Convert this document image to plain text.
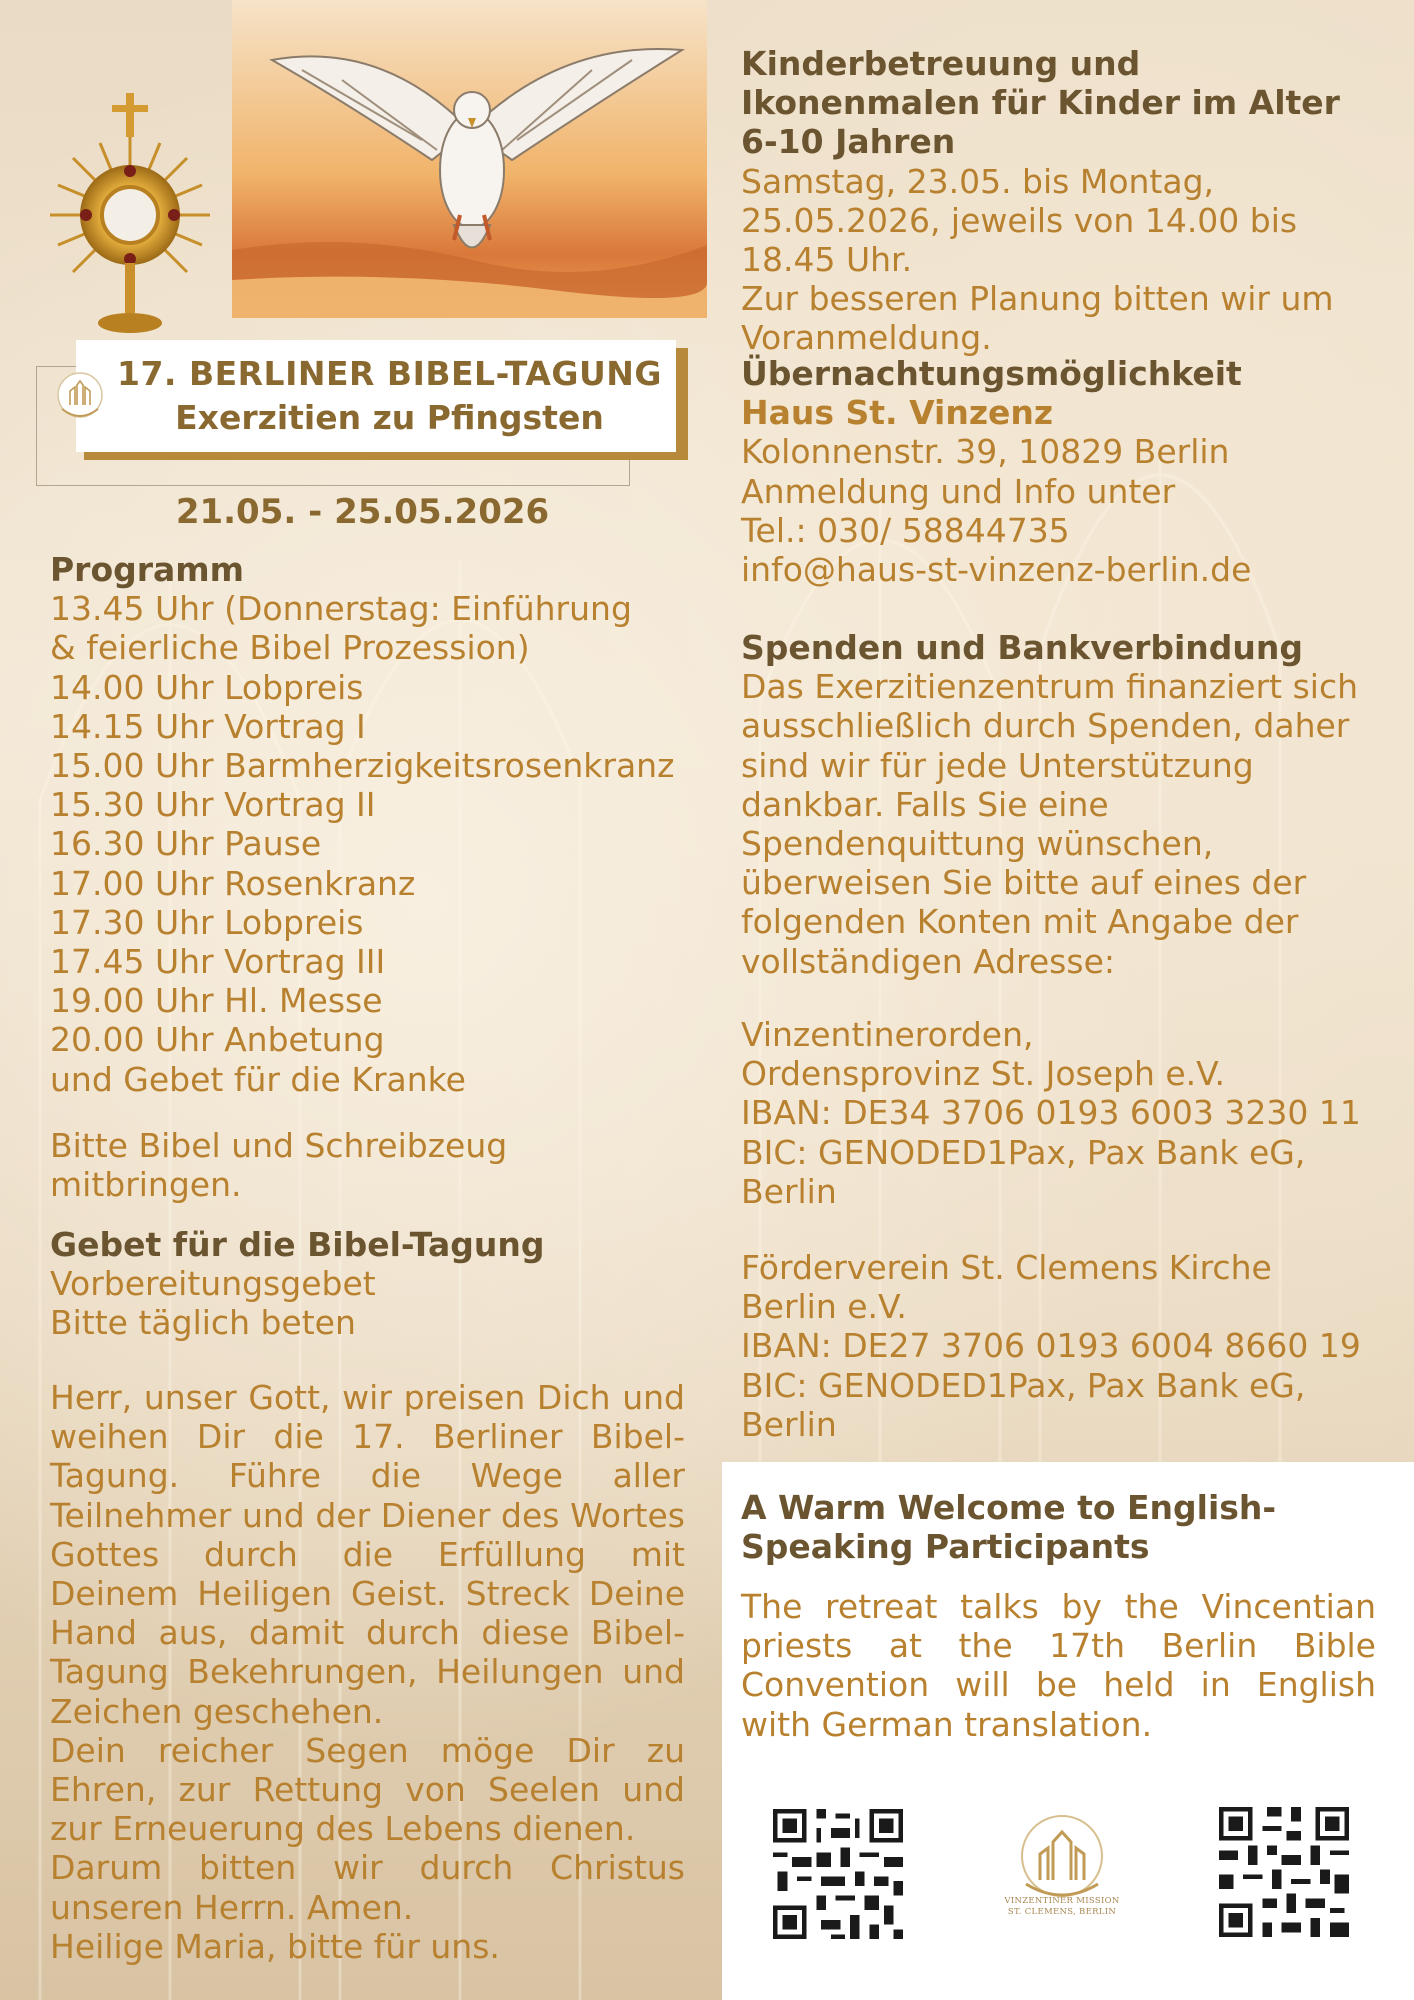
17. BERLINER BIBEL-TAGUNG
Exerzitien zu Pfingsten
21.05. - 25.05.2026
Programm
13.45 Uhr (Donnerstag: Einführung
& feierliche Bibel Prozession)
14.00 Uhr Lobpreis
14.15 Uhr Vortrag I
15.00 Uhr Barmherzigkeitsrosenkranz
15.30 Uhr Vortrag II
16.30 Uhr Pause
17.00 Uhr Rosenkranz
17.30 Uhr Lobpreis
17.45 Uhr Vortrag III
19.00 Uhr Hl. Messe
20.00 Uhr Anbetung
und Gebet für die Kranke
Bitte Bibel und Schreibzeug mitbringen.
Gebet für die Bibel-Tagung
Vorbereitungsgebet
Bitte täglich beten
Herr, unser Gott, wir preisen Dich und weihen Dir die 17. Berliner Bibel-Tagung. Führe die Wege aller Teilnehmer und der Diener des Wortes Gottes durch die Erfüllung mit Deinem Heiligen Geist. Streck Deine Hand aus, damit durch diese Bibel-Tagung Bekehrungen, Heilungen und Zeichen geschehen.
Dein reicher Segen möge Dir zu Ehren, zur Rettung von Seelen und zur Erneuerung des Lebens dienen.
Darum bitten wir durch Christus unseren Herrn. Amen.
Heilige Maria, bitte für uns.
Kinderbetreuung und Ikonenmalen für Kinder im Alter 6-10 Jahren
Samstag, 23.05. bis Montag, 25.05.2026, jeweils von 14.00 bis 18.45 Uhr.
Zur besseren Planung bitten wir um Voranmeldung.
Übernachtungsmöglichkeit
Haus St. Vinzenz
Kolonnenstr. 39, 10829 Berlin
Anmeldung und Info unter
Tel.: 030/ 58844735
info@haus-st-vinzenz-berlin.de
Spenden und Bankverbindung
Das Exerzitienzentrum finanziert sich ausschließlich durch Spenden, daher sind wir für jede Unterstützung dankbar. Falls Sie eine Spendenquittung wünschen, überweisen Sie bitte auf eines der folgenden Konten mit Angabe der vollständigen Adresse:
Vinzentinerorden,
Ordensprovinz St. Joseph e.V.
IBAN: DE34 3706 0193 6003 3230 11
BIC: GENODED1Pax, Pax Bank eG, Berlin
Förderverein St. Clemens Kirche Berlin e.V.
IBAN: DE27 3706 0193 6004 8660 19
BIC: GENODED1Pax, Pax Bank eG, Berlin
A Warm Welcome to English-Speaking Participants
The retreat talks by the Vincentian priests at the 17th Berlin Bible Convention will be held in English with German translation.
VINZENTINER MISSION
ST. CLEMENS, BERLIN
